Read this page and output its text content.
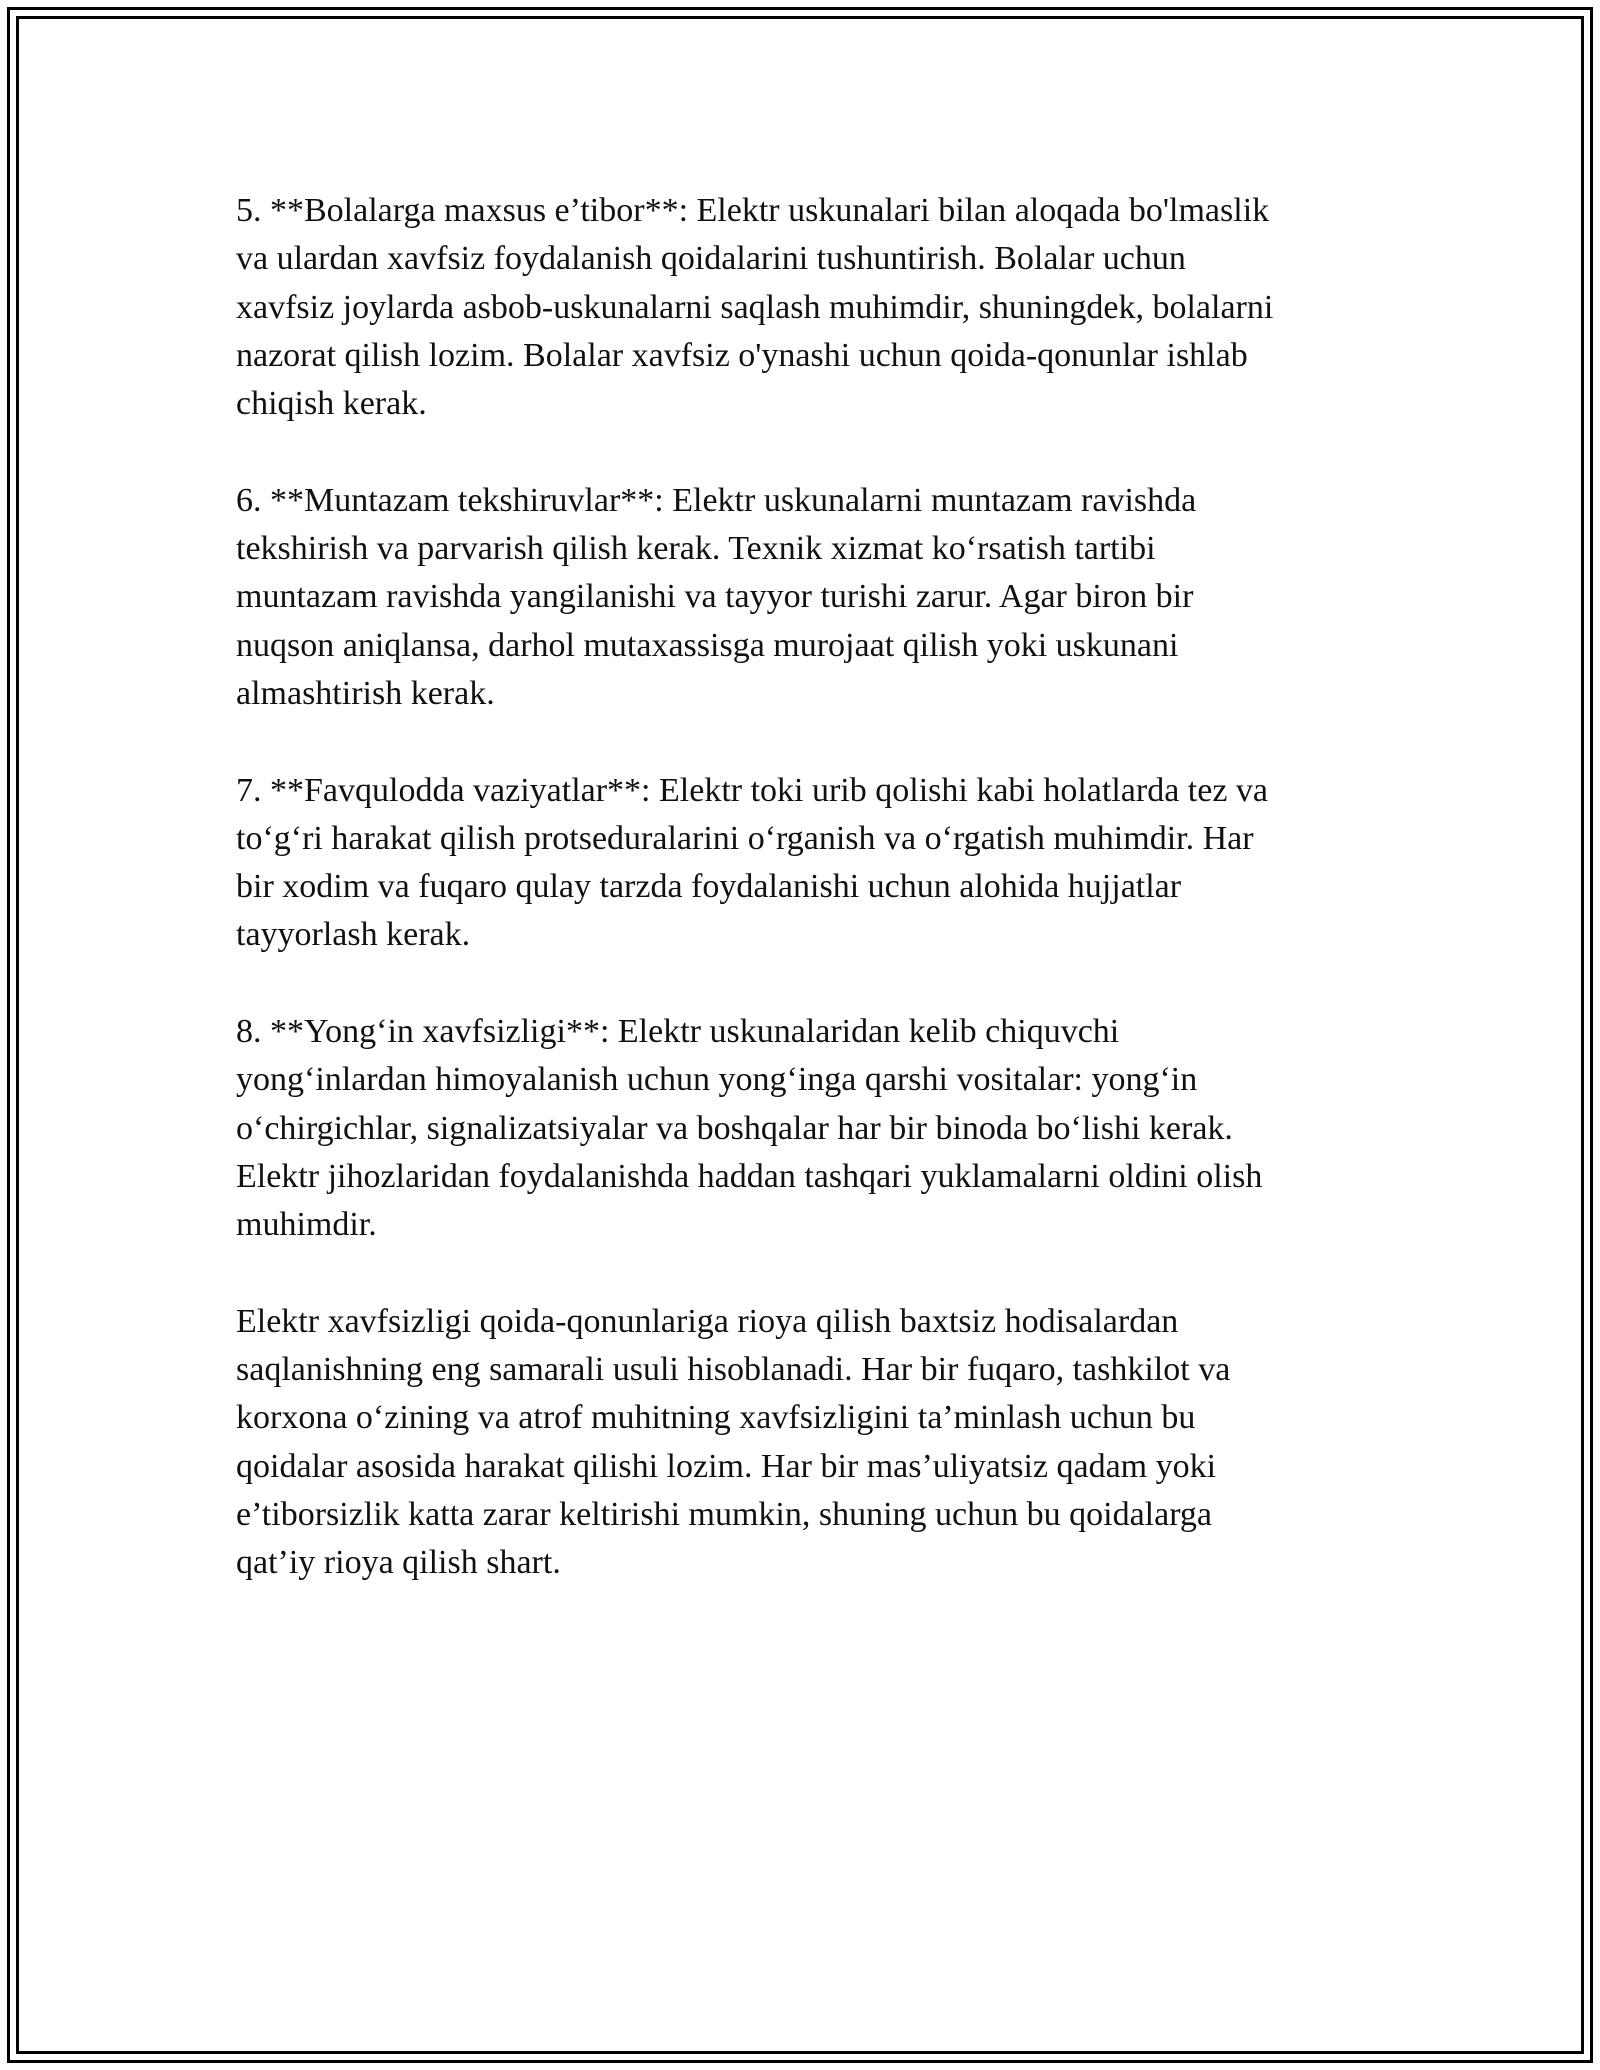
5. **Bolalarga maxsus e’tibor**: Elektr uskunalari bilan aloqada bo'lmaslik
va ulardan xavfsiz foydalanish qoidalarini tushuntirish. Bolalar uchun
xavfsiz joylarda asbob-uskunalarni saqlash muhimdir, shuningdek, bolalarni
nazorat qilish lozim. Bolalar xavfsiz o'ynashi uchun qoida-qonunlar ishlab
chiqish kerak.

6. **Muntazam tekshiruvlar**: Elektr uskunalarni muntazam ravishda
tekshirish va parvarish qilish kerak. Texnik xizmat ko‘rsatish tartibi
muntazam ravishda yangilanishi va tayyor turishi zarur. Agar biron bir
nuqson aniqlansa, darhol mutaxassisga murojaat qilish yoki uskunani
almashtirish kerak.

7. **Favqulodda vaziyatlar**: Elektr toki urib qolishi kabi holatlarda tez va
to‘g‘ri harakat qilish protseduralarini o‘rganish va o‘rgatish muhimdir. Har
bir xodim va fuqaro qulay tarzda foydalanishi uchun alohida hujjatlar
tayyorlash kerak.

8. **Yong‘in xavfsizligi**: Elektr uskunalaridan kelib chiquvchi
yong‘inlardan himoyalanish uchun yong‘inga qarshi vositalar: yong‘in
o‘chirgichlar, signalizatsiyalar va boshqalar har bir binoda bo‘lishi kerak.
Elektr jihozlaridan foydalanishda haddan tashqari yuklamalarni oldini olish
muhimdir.

Elektr xavfsizligi qoida-qonunlariga rioya qilish baxtsiz hodisalardan
saqlanishning eng samarali usuli hisoblanadi. Har bir fuqaro, tashkilot va
korxona o‘zining va atrof muhitning xavfsizligini ta’minlash uchun bu
qoidalar asosida harakat qilishi lozim. Har bir mas’uliyatsiz qadam yoki
e’tiborsizlik katta zarar keltirishi mumkin, shuning uchun bu qoidalarga
qat’iy rioya qilish shart.
